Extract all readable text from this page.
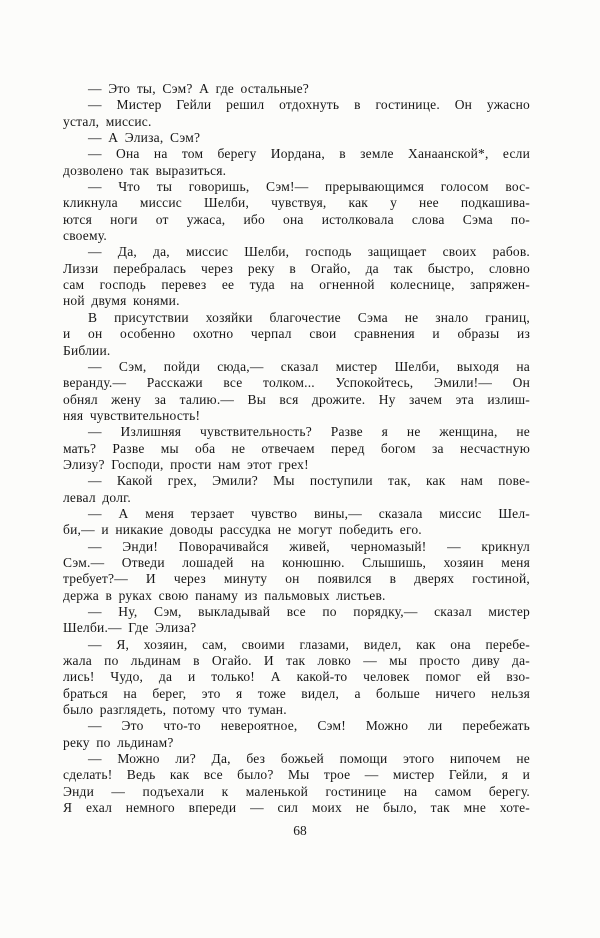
— Это ты, Сэм? А где остальные?
— Мистер Гейли решил отдохнуть в гостинице. Он ужасно
устал, миссис.
— А Элиза, Сэм?
— Она на том берегу Иордана, в земле Ханаанской*, если
дозволено так выразиться.
— Что ты говоришь, Сэм!— прерывающимся голосом вос-
кликнула миссис Шелби, чувствуя, как у нее подкашива-
ются ноги от ужаса, ибо она истолковала слова Сэма по-
своему.
— Да, да, миссис Шелби, господь защищает своих рабов.
Лиззи перебралась через реку в Огайо, да так быстро, словно
сам господь перевез ее туда на огненной колеснице, запряжен-
ной двумя конями.
В присутствии хозяйки благочестие Сэма не знало границ,
и он особенно охотно черпал свои сравнения и образы из
Библии.
— Сэм, пойди сюда,— сказал мистер Шелби, выходя на
веранду.— Расскажи все толком... Успокойтесь, Эмили!— Он
обнял жену за талию.— Вы вся дрожите. Ну зачем эта излиш-
няя чувствительность!
— Излишняя чувствительность? Разве я не женщина, не
мать? Разве мы оба не отвечаем перед богом за несчастную
Элизу? Господи, прости нам этот грех!
— Какой грех, Эмили? Мы поступили так, как нам пове-
левал долг.
— А меня терзает чувство вины,— сказала миссис Шел-
би,— и никакие доводы рассудка не могут победить его.
— Энди! Поворачивайся живей, черномазый! — крикнул
Сэм.— Отведи лошадей на конюшню. Слышишь, хозяин меня
требует?— И через минуту он появился в дверях гостиной,
держа в руках свою панаму из пальмовых листьев.
— Ну, Сэм, выкладывай все по порядку,— сказал мистер
Шелби.— Где Элиза?
— Я, хозяин, сам, своими глазами, видел, как она перебе-
жала по льдинам в Огайо. И так ловко — мы просто диву да-
лись! Чудо, да и только! А какой-то человек помог ей взо-
браться на берег, это я тоже видел, а больше ничего нельзя
было разглядеть, потому что туман.
— Это что-то невероятное, Сэм! Можно ли перебежать
реку по льдинам?
— Можно ли? Да, без божьей помощи этого нипочем не
сделать! Ведь как все было? Мы трое — мистер Гейли, я и
Энди — подъехали к маленькой гостинице на самом берегу.
Я ехал немного впереди — сил моих не было, так мне хоте-
68
